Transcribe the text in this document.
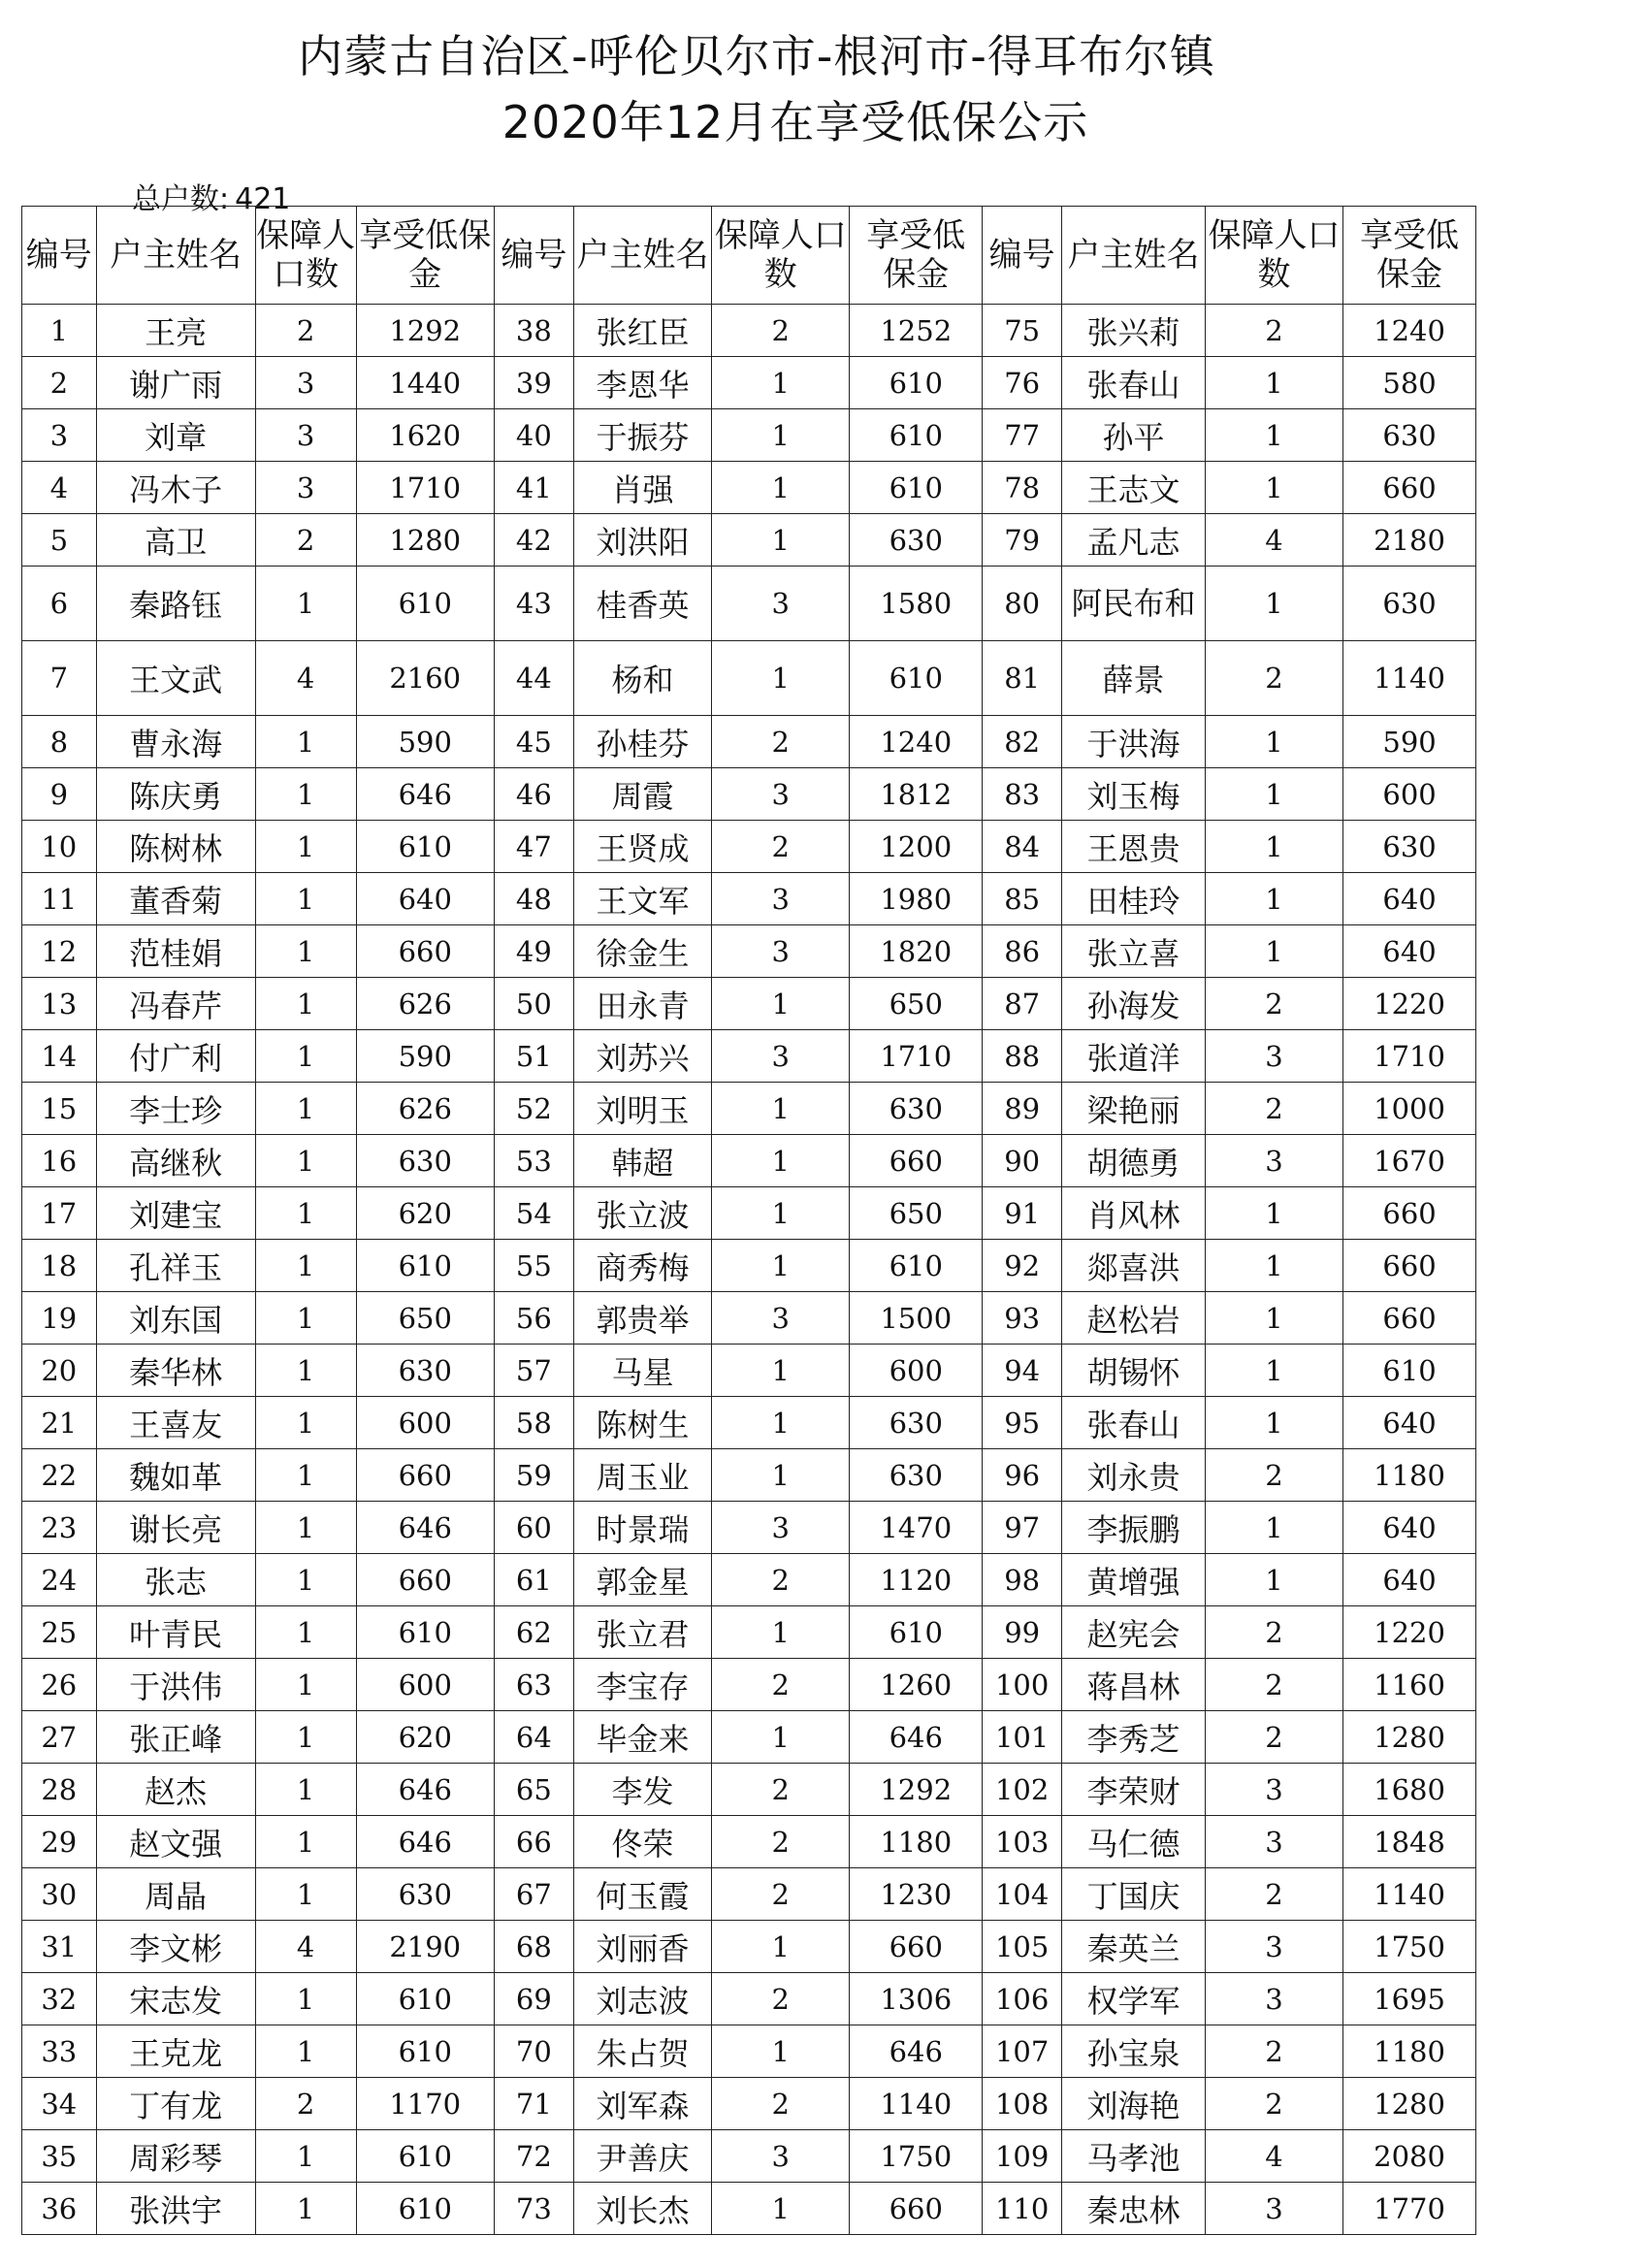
内蒙古自治区-呼伦贝尔市-根河市-得耳布尔镇
2020年12月在享受低保公示
总户数: 421
编号	户主姓名	保障人口数	享受低保金	编号	户主姓名	保障人口数	享受低保金	编号	户主姓名	保障人口数	享受低保金
1	王亮	2	1292	38	张红臣	2	1252	75	张兴莉	2	1240
2	谢广雨	3	1440	39	李恩华	1	610	76	张春山	1	580
3	刘章	3	1620	40	于振芬	1	610	77	孙平	1	630
4	冯木子	3	1710	41	肖强	1	610	78	王志文	1	660
5	高卫	2	1280	42	刘洪阳	1	630	79	孟凡志	4	2180
6	秦路钰	1	610	43	桂香英	3	1580	80	阿民布和	1	630
7	王文武	4	2160	44	杨和	1	610	81	薛景	2	1140
8	曹永海	1	590	45	孙桂芬	2	1240	82	于洪海	1	590
9	陈庆勇	1	646	46	周霞	3	1812	83	刘玉梅	1	600
10	陈树林	1	610	47	王贤成	2	1200	84	王恩贵	1	630
11	董香菊	1	640	48	王文军	3	1980	85	田桂玲	1	640
12	范桂娟	1	660	49	徐金生	3	1820	86	张立喜	1	640
13	冯春芹	1	626	50	田永青	1	650	87	孙海发	2	1220
14	付广利	1	590	51	刘苏兴	3	1710	88	张道洋	3	1710
15	李士珍	1	626	52	刘明玉	1	630	89	梁艳丽	2	1000
16	高继秋	1	630	53	韩超	1	660	90	胡德勇	3	1670
17	刘建宝	1	620	54	张立波	1	650	91	肖风林	1	660
18	孔祥玉	1	610	55	商秀梅	1	610	92	郯喜洪	1	660
19	刘东国	1	650	56	郭贵举	3	1500	93	赵松岩	1	660
20	秦华林	1	630	57	马星	1	600	94	胡锡怀	1	610
21	王喜友	1	600	58	陈树生	1	630	95	张春山	1	640
22	魏如革	1	660	59	周玉业	1	630	96	刘永贵	2	1180
23	谢长亮	1	646	60	时景瑞	3	1470	97	李振鹏	1	640
24	张志	1	660	61	郭金星	2	1120	98	黄增强	1	640
25	叶青民	1	610	62	张立君	1	610	99	赵宪会	2	1220
26	于洪伟	1	600	63	李宝存	2	1260	100	蒋昌林	2	1160
27	张正峰	1	620	64	毕金来	1	646	101	李秀芝	2	1280
28	赵杰	1	646	65	李发	2	1292	102	李荣财	3	1680
29	赵文强	1	646	66	佟荣	2	1180	103	马仁德	3	1848
30	周晶	1	630	67	何玉霞	2	1230	104	丁国庆	2	1140
31	李文彬	4	2190	68	刘丽香	1	660	105	秦英兰	3	1750
32	宋志发	1	610	69	刘志波	2	1306	106	权学军	3	1695
33	王克龙	1	610	70	朱占贺	1	646	107	孙宝泉	2	1180
34	丁有龙	2	1170	71	刘军森	2	1140	108	刘海艳	2	1280
35	周彩琴	1	610	72	尹善庆	3	1750	109	马孝池	4	2080
36	张洪宇	1	610	73	刘长杰	1	660	110	秦忠林	3	1770
